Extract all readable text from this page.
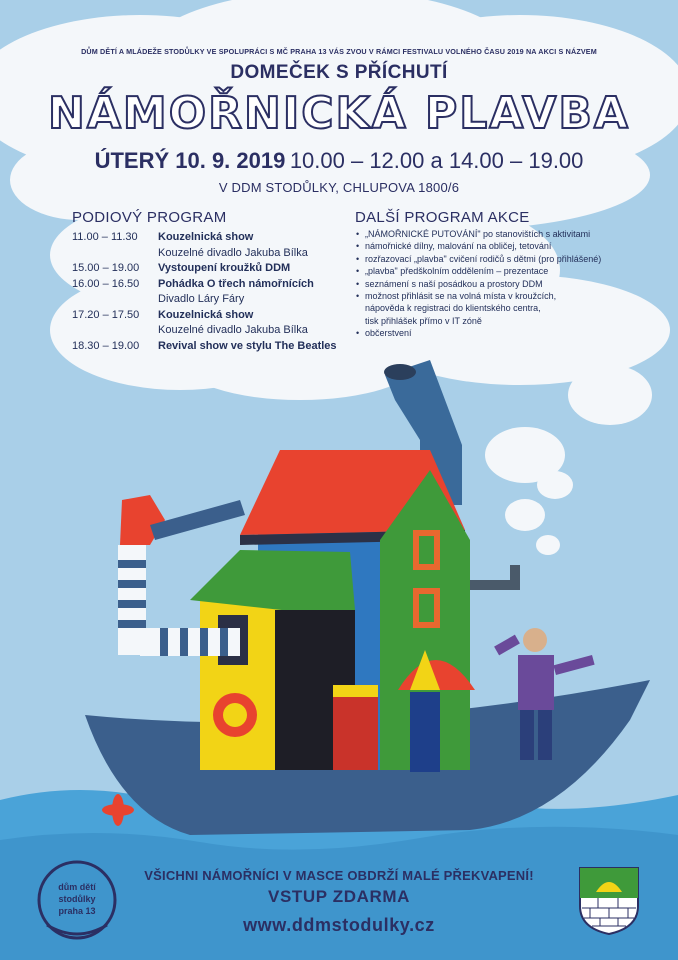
DŮM DĚTÍ A MLÁDEŽE STODŮLKY VE SPOLUPRÁCI S MČ PRAHA 13 VÁS ZVOU V RÁMCI FESTIVALU VOLNÉHO ČASU 2019 NA AKCI S NÁZVEM
DOMEČEK S PŘÍCHUTÍ
NÁMOŘNICKÁ PLAVBA
ÚTERÝ 10. 9. 2019 10.00 – 12.00 a 14.00 – 19.00
V DDM STODŮLKY, CHLUPOVA 1800/6
PODIOVÝ PROGRAM
11.00 – 11.30	Kouzelnická show
Kouzelné divadlo Jakuba Bílka
15.00 – 19.00	Vystoupení kroužků DDM
16.00 – 16.50	Pohádka O třech námořnících
Divadlo Láry Fáry
17.20 – 17.50	Kouzelnická show
Kouzelné divadlo Jakuba Bílka
18.30 – 19.00	Revival show ve stylu The Beatles
DALŠÍ PROGRAM AKCE
• „NÁMOŘNICKÉ PUTOVÁNÍ" po stanovištích s aktivitami
• námořnické dílny, malování na obličej, tetování
• rozřazovací „plavba" cvičení rodičů s dětmi (pro přihlášené)
• „plavba" předškolním oddělením – prezentace
• seznámení s naší posádkou a prostory DDM
• možnost přihlásit se na volná místa v kroužcích,
nápověda k registraci do klientského centra,
tisk přihlášek přímo v IT zóně
• občerstvení
VŠICHNI NÁMOŘNÍCI V MASCE OBDRŽÍ MALÉ PŘEKVAPENÍ!
VSTUP ZDARMA
www.ddmstodulky.cz
dům dětí
stodůlky
praha 13
